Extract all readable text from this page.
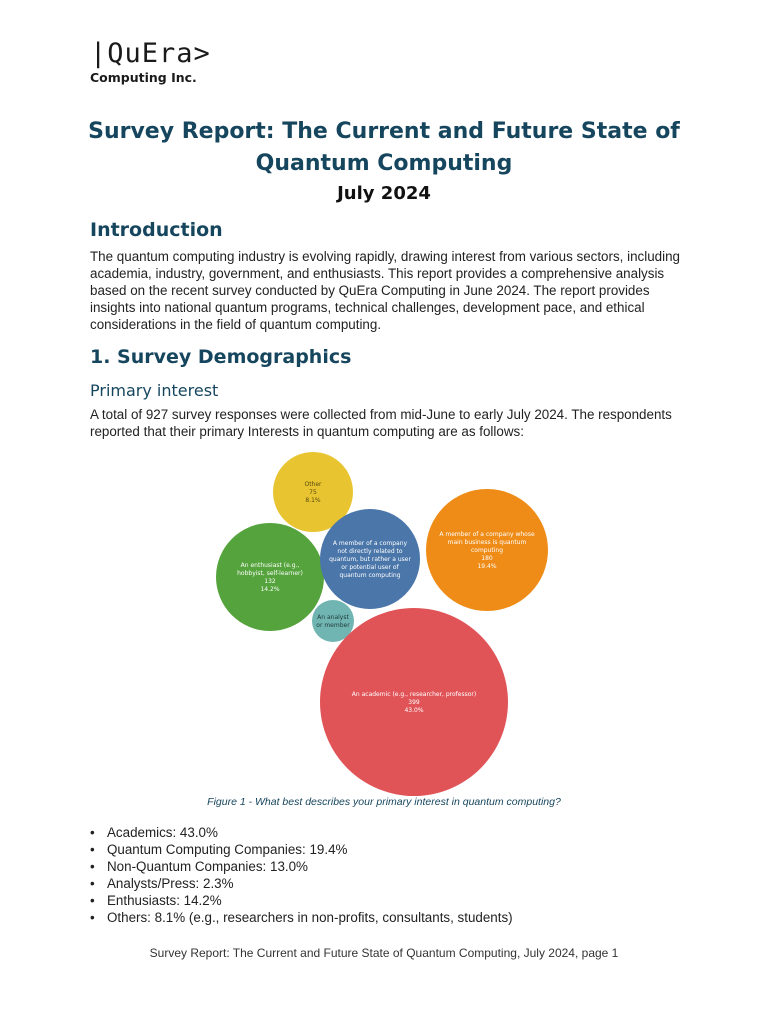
|QuEra>
Computing Inc.
Survey Report: The Current and Future State of
Quantum Computing
July 2024
Introduction

The quantum computing industry is evolving rapidly, drawing interest from various sectors, including academia, industry, government, and enthusiasts. This report provides a comprehensive analysis based on the recent survey conducted by QuEra Computing in June 2024. The report provides insights into national quantum programs, technical challenges, development pace, and ethical considerations in the field of quantum computing.

1. Survey Demographics
Primary interest

A total of 927 survey responses were collected from mid-June to early July 2024. The respondents reported that their primary Interests in quantum computing are as follows:

Other
75
8.1%
An enthusiast (e.g.,
hobbyist, self-learner)
132
14.2%
A member of a company
not directly related to
quantum, but rather a user
or potential user of
quantum computing
A member of a company whose
main business is quantum
computing
180
19.4%
An analyst
or member
An academic (e.g., researcher, professor)
399
43.0%
Figure 1 - What best describes your primary interest in quantum computing?
• Academics: 43.0%
• Quantum Computing Companies: 19.4%
• Non-Quantum Companies: 13.0%
• Analysts/Press: 2.3%
• Enthusiasts: 14.2%
• Others: 8.1% (e.g., researchers in non-profits, consultants, students)
Survey Report: The Current and Future State of Quantum Computing, July 2024, page 1
